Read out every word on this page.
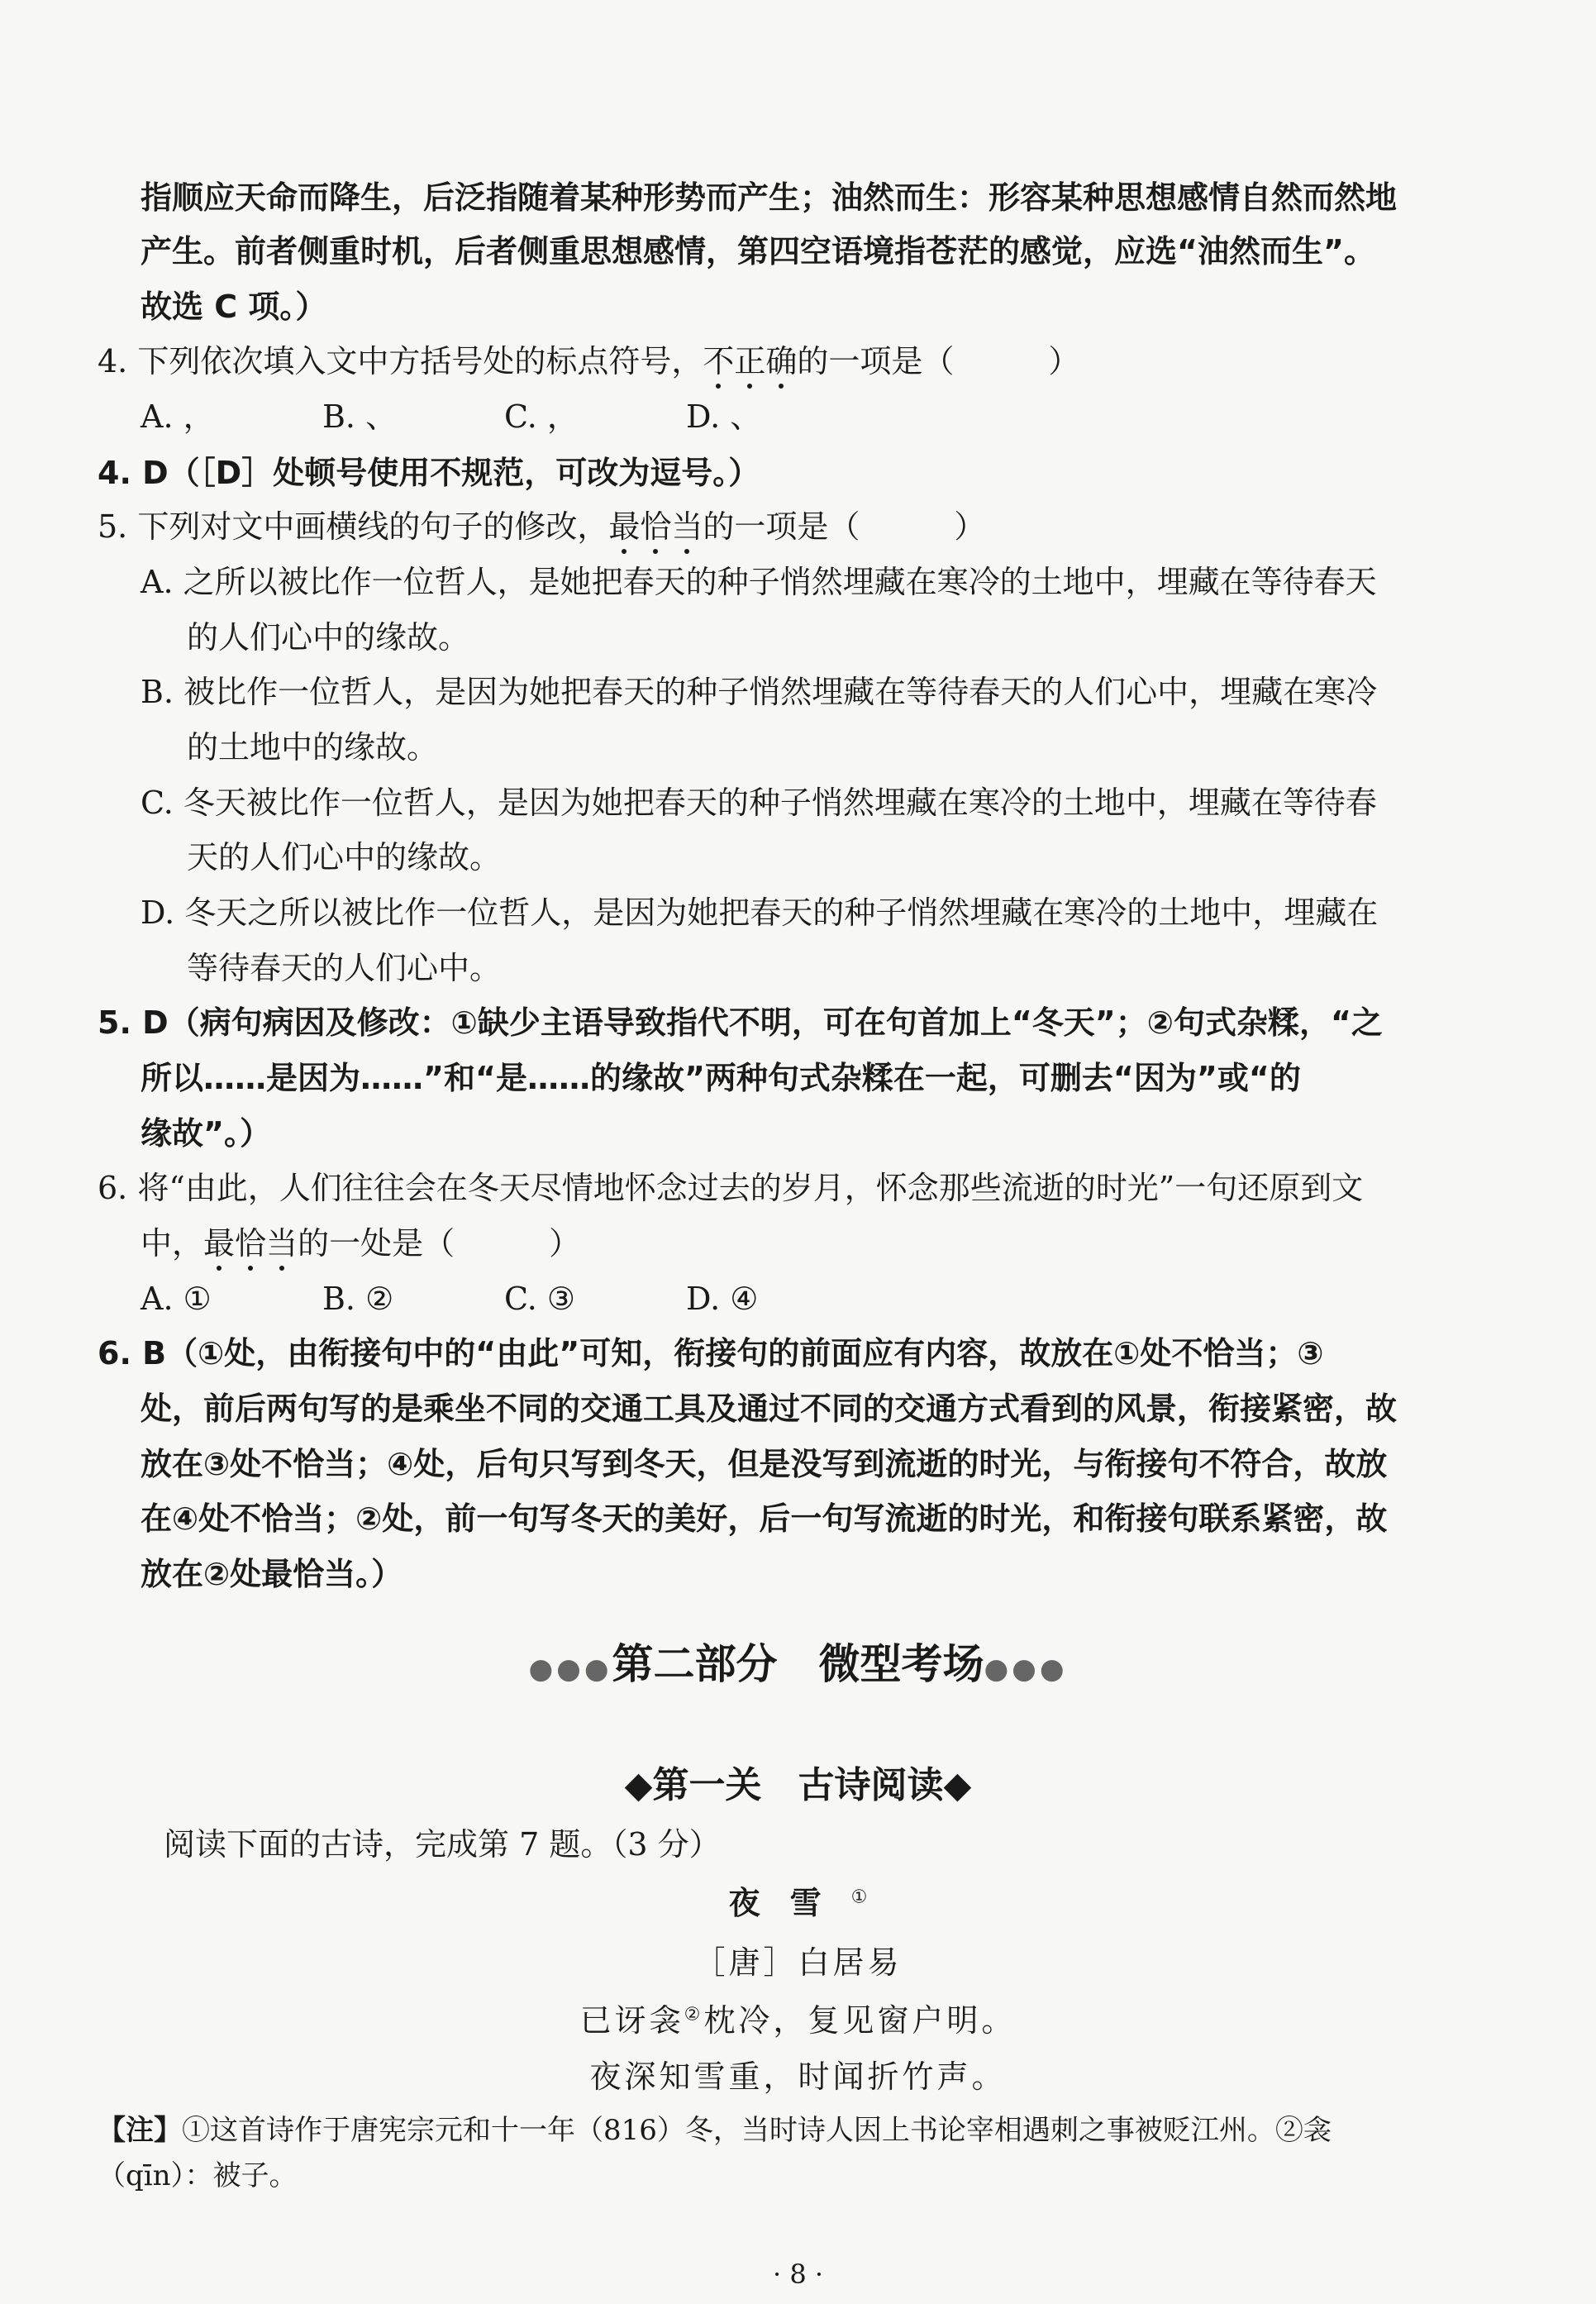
指顺应天命而降生，后泛指随着某种形势而产生；油然而生：形容某种思想感情自然而然地
产生。前者侧重时机，后者侧重思想感情，第四空语境指苍茫的感觉，应选“油然而生”。
故选 C 项。）
4. 下列依次填入文中方括号处的标点符号，不正确的一项是（　　　）
A. ，	B. 、	C. ，	D. 、
4. D（［D］处顿号使用不规范，可改为逗号。）
5. 下列对文中画横线的句子的修改，最恰当的一项是（　　　）
A. 之所以被比作一位哲人，是她把春天的种子悄然埋藏在寒冷的土地中，埋藏在等待春天
的人们心中的缘故。
B. 被比作一位哲人，是因为她把春天的种子悄然埋藏在等待春天的人们心中，埋藏在寒冷
的土地中的缘故。
C. 冬天被比作一位哲人，是因为她把春天的种子悄然埋藏在寒冷的土地中，埋藏在等待春
天的人们心中的缘故。
D. 冬天之所以被比作一位哲人，是因为她把春天的种子悄然埋藏在寒冷的土地中，埋藏在
等待春天的人们心中。
5. D（病句病因及修改：①缺少主语导致指代不明，可在句首加上“冬天”；②句式杂糅，“之
所以……是因为……”和“是……的缘故”两种句式杂糅在一起，可删去“因为”或“的
缘故”。）
6. 将“由此，人们往往会在冬天尽情地怀念过去的岁月，怀念那些流逝的时光”一句还原到文
中，最恰当的一处是（　　　）
A. ①	B. ②	C. ③	D. ④
6. B（①处，由衔接句中的“由此”可知，衔接句的前面应有内容，故放在①处不恰当；③
处，前后两句写的是乘坐不同的交通工具及通过不同的交通方式看到的风景，衔接紧密，故
放在③处不恰当；④处，后句只写到冬天，但是没写到流逝的时光，与衔接句不符合，故放
在④处不恰当；②处，前一句写冬天的美好，后一句写流逝的时光，和衔接句联系紧密，故
放在②处最恰当。）
●●●第二部分　微型考场●●●
◆第一关　古诗阅读◆
阅读下面的古诗，完成第 7 题。（3 分）
夜雪①
［唐］白居易
已讶衾②枕冷，复见窗户明。
夜深知雪重，时闻折竹声。
【注】①这首诗作于唐宪宗元和十一年（816）冬，当时诗人因上书论宰相遇刺之事被贬江州。②衾
（qīn）：被子。
· 8 ·
